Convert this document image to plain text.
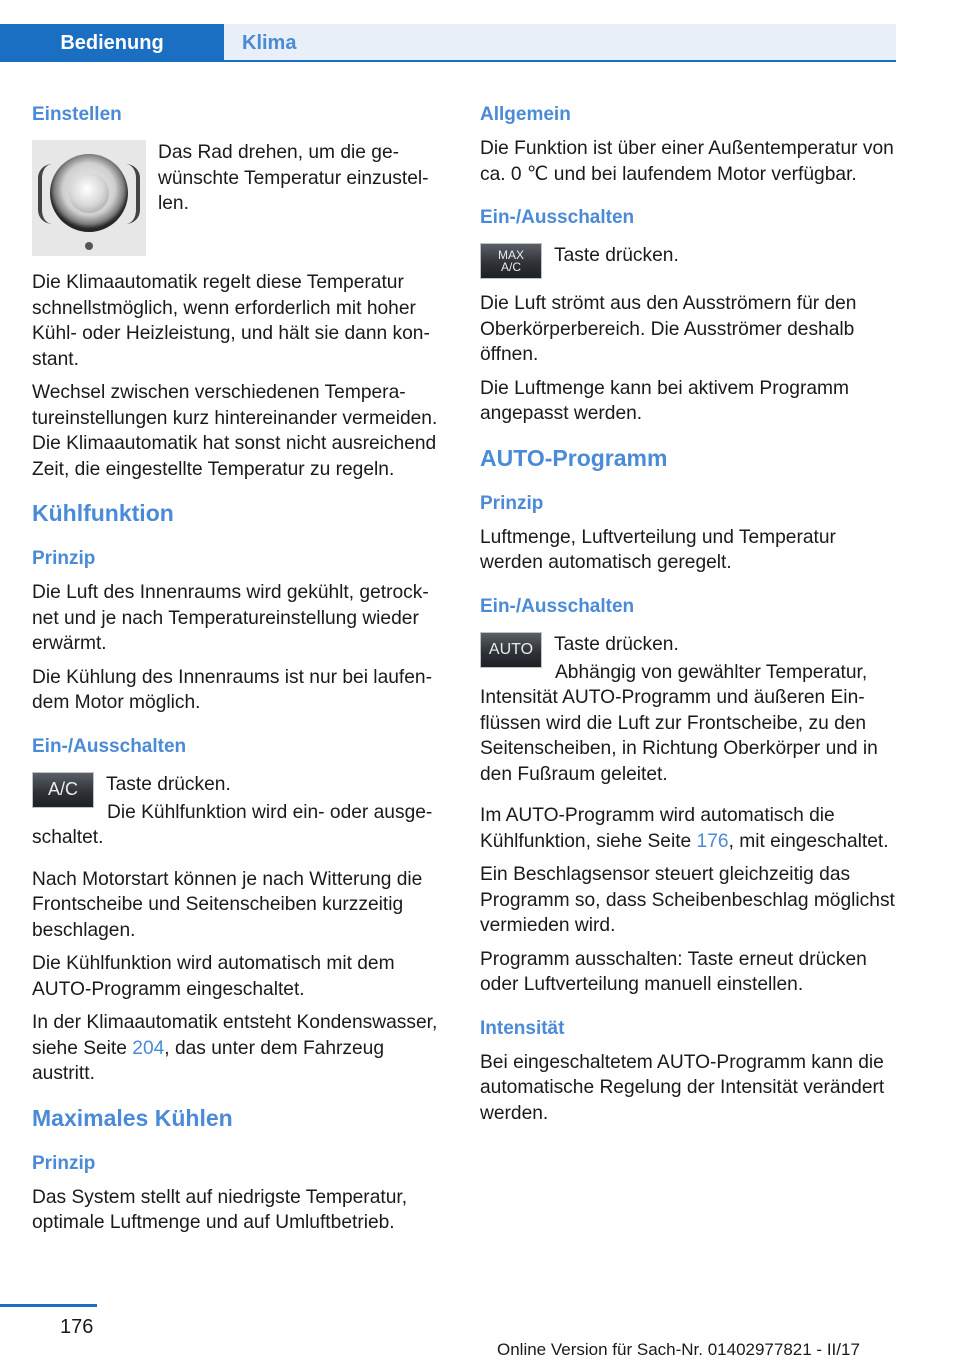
Bedienung	Klima
Einstellen
Das Rad drehen, um die gewünschte Temperatur einzustellen.

Die Klimaautomatik regelt diese Temperatur schnellstmöglich, wenn erforderlich mit hoher Kühl- oder Heizleistung, und hält sie dann konstant.

Wechsel zwischen verschiedenen Temperatureinstellungen kurz hintereinander vermeiden. Die Klimaautomatik hat sonst nicht ausreichend Zeit, die eingestellte Temperatur zu regeln.

Kühlfunktion
Prinzip

Die Luft des Innenraums wird gekühlt, getrocknet und je nach Temperatureinstellung wieder erwärmt.

Die Kühlung des Innenraums ist nur bei laufendem Motor möglich.

Ein-/Ausschalten
A/C	Taste drücken.

Die Kühlfunktion wird ein- oder ausgeschaltet.

Nach Motorstart können je nach Witterung die Frontscheibe und Seitenscheiben kurzzeitig beschlagen.

Die Kühlfunktion wird automatisch mit dem AUTO-Programm eingeschaltet.

In der Klimaautomatik entsteht Kondenswasser, siehe Seite 204, das unter dem Fahrzeug austritt.

Maximales Kühlen
Prinzip

Das System stellt auf niedrigste Temperatur, optimale Luftmenge und auf Umluftbetrieb.

Allgemein

Die Funktion ist über einer Außentemperatur von ca. 0 ℃ und bei laufendem Motor verfügbar.

Ein-/Ausschalten
MAX
A/C
Taste drücken.

Die Luft strömt aus den Ausströmern für den Oberkörperbereich. Die Ausströmer deshalb öffnen.

Die Luftmenge kann bei aktivem Programm angepasst werden.

AUTO-Programm
Prinzip

Luftmenge, Luftverteilung und Temperatur werden automatisch geregelt.

Ein-/Ausschalten
AUTO	Taste drücken.

Abhängig von gewählter Temperatur, Intensität AUTO-Programm und äußeren Einflüssen wird die Luft zur Frontscheibe, zu den Seitenscheiben, in Richtung Oberkörper und in den Fußraum geleitet.

Im AUTO-Programm wird automatisch die Kühlfunktion, siehe Seite 176, mit eingeschaltet.

Ein Beschlagsensor steuert gleichzeitig das Programm so, dass Scheibenbeschlag möglichst vermieden wird.

Programm ausschalten: Taste erneut drücken oder Luftverteilung manuell einstellen.

Intensität

Bei eingeschaltetem AUTO-Programm kann die automatische Regelung der Intensität verändert werden.

176
Online Version für Sach-Nr. 01402977821 - II/17
